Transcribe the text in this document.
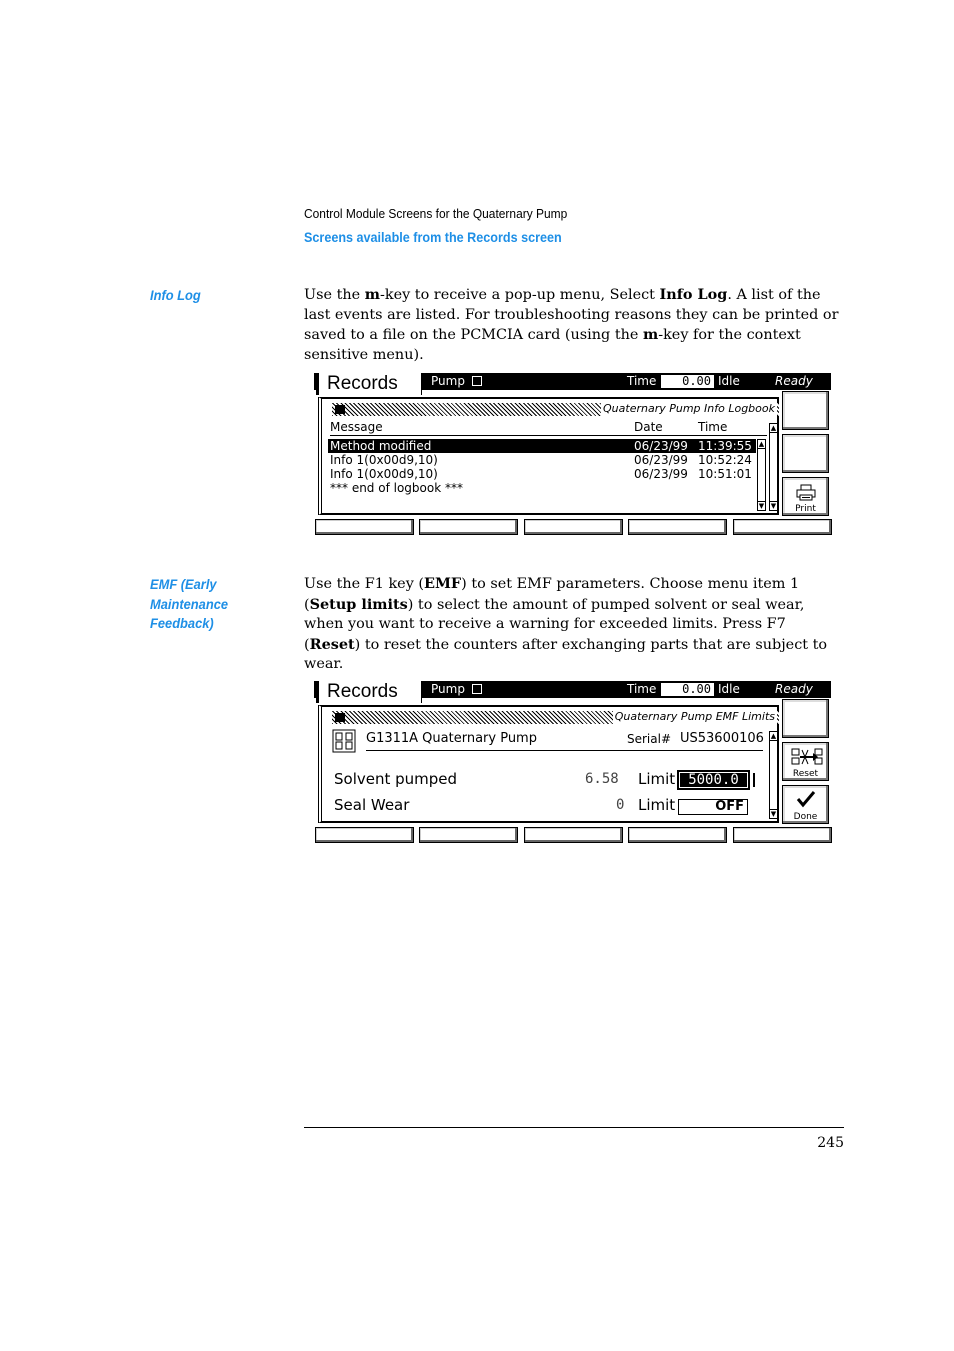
Control Module Screens for the Quaternary Pump
Screens available from the Records screen
Info Log	Use the m-key to receive a pop-up menu, Select Info Log. A list of the last events are listed. For troubleshooting reasons they can be printed or saved to a file on the PCMCIA card (using the m-key for the context sensitive menu).
Pump	Time	0.00 Idle	Ready
Records
Quaternary Pump Info Logbook
Message	Date	Time
Method modified	06/23/99 11:39:55
Info 1(0x00d9,10)	06/23/99 10:52:24
Info 1(0x00d9,10)	06/23/99 10:51:01
*** end of logbook ***
▲
▼
▲
▼	Print
EMF (Early
Maintenance
Feedback)
Use the F1 key (EMF) to set EMF parameters. Choose menu item 1 (Setup limits) to select the amount of pumped solvent or seal wear, when you want to receive a warning for exceeded limits. Press F7 (Reset) to reset the counters after exchanging parts that are subject to wear.
Pump	Time	0.00 Idle	Ready
Records
Quaternary Pump EMF Limits
G1311A Quaternary Pump	Serial# US53600106
Solvent pumped	6.58 Limit 5000.0
Seal Wear	0 Limit	OFF
▲
▼
Reset
Done
245
